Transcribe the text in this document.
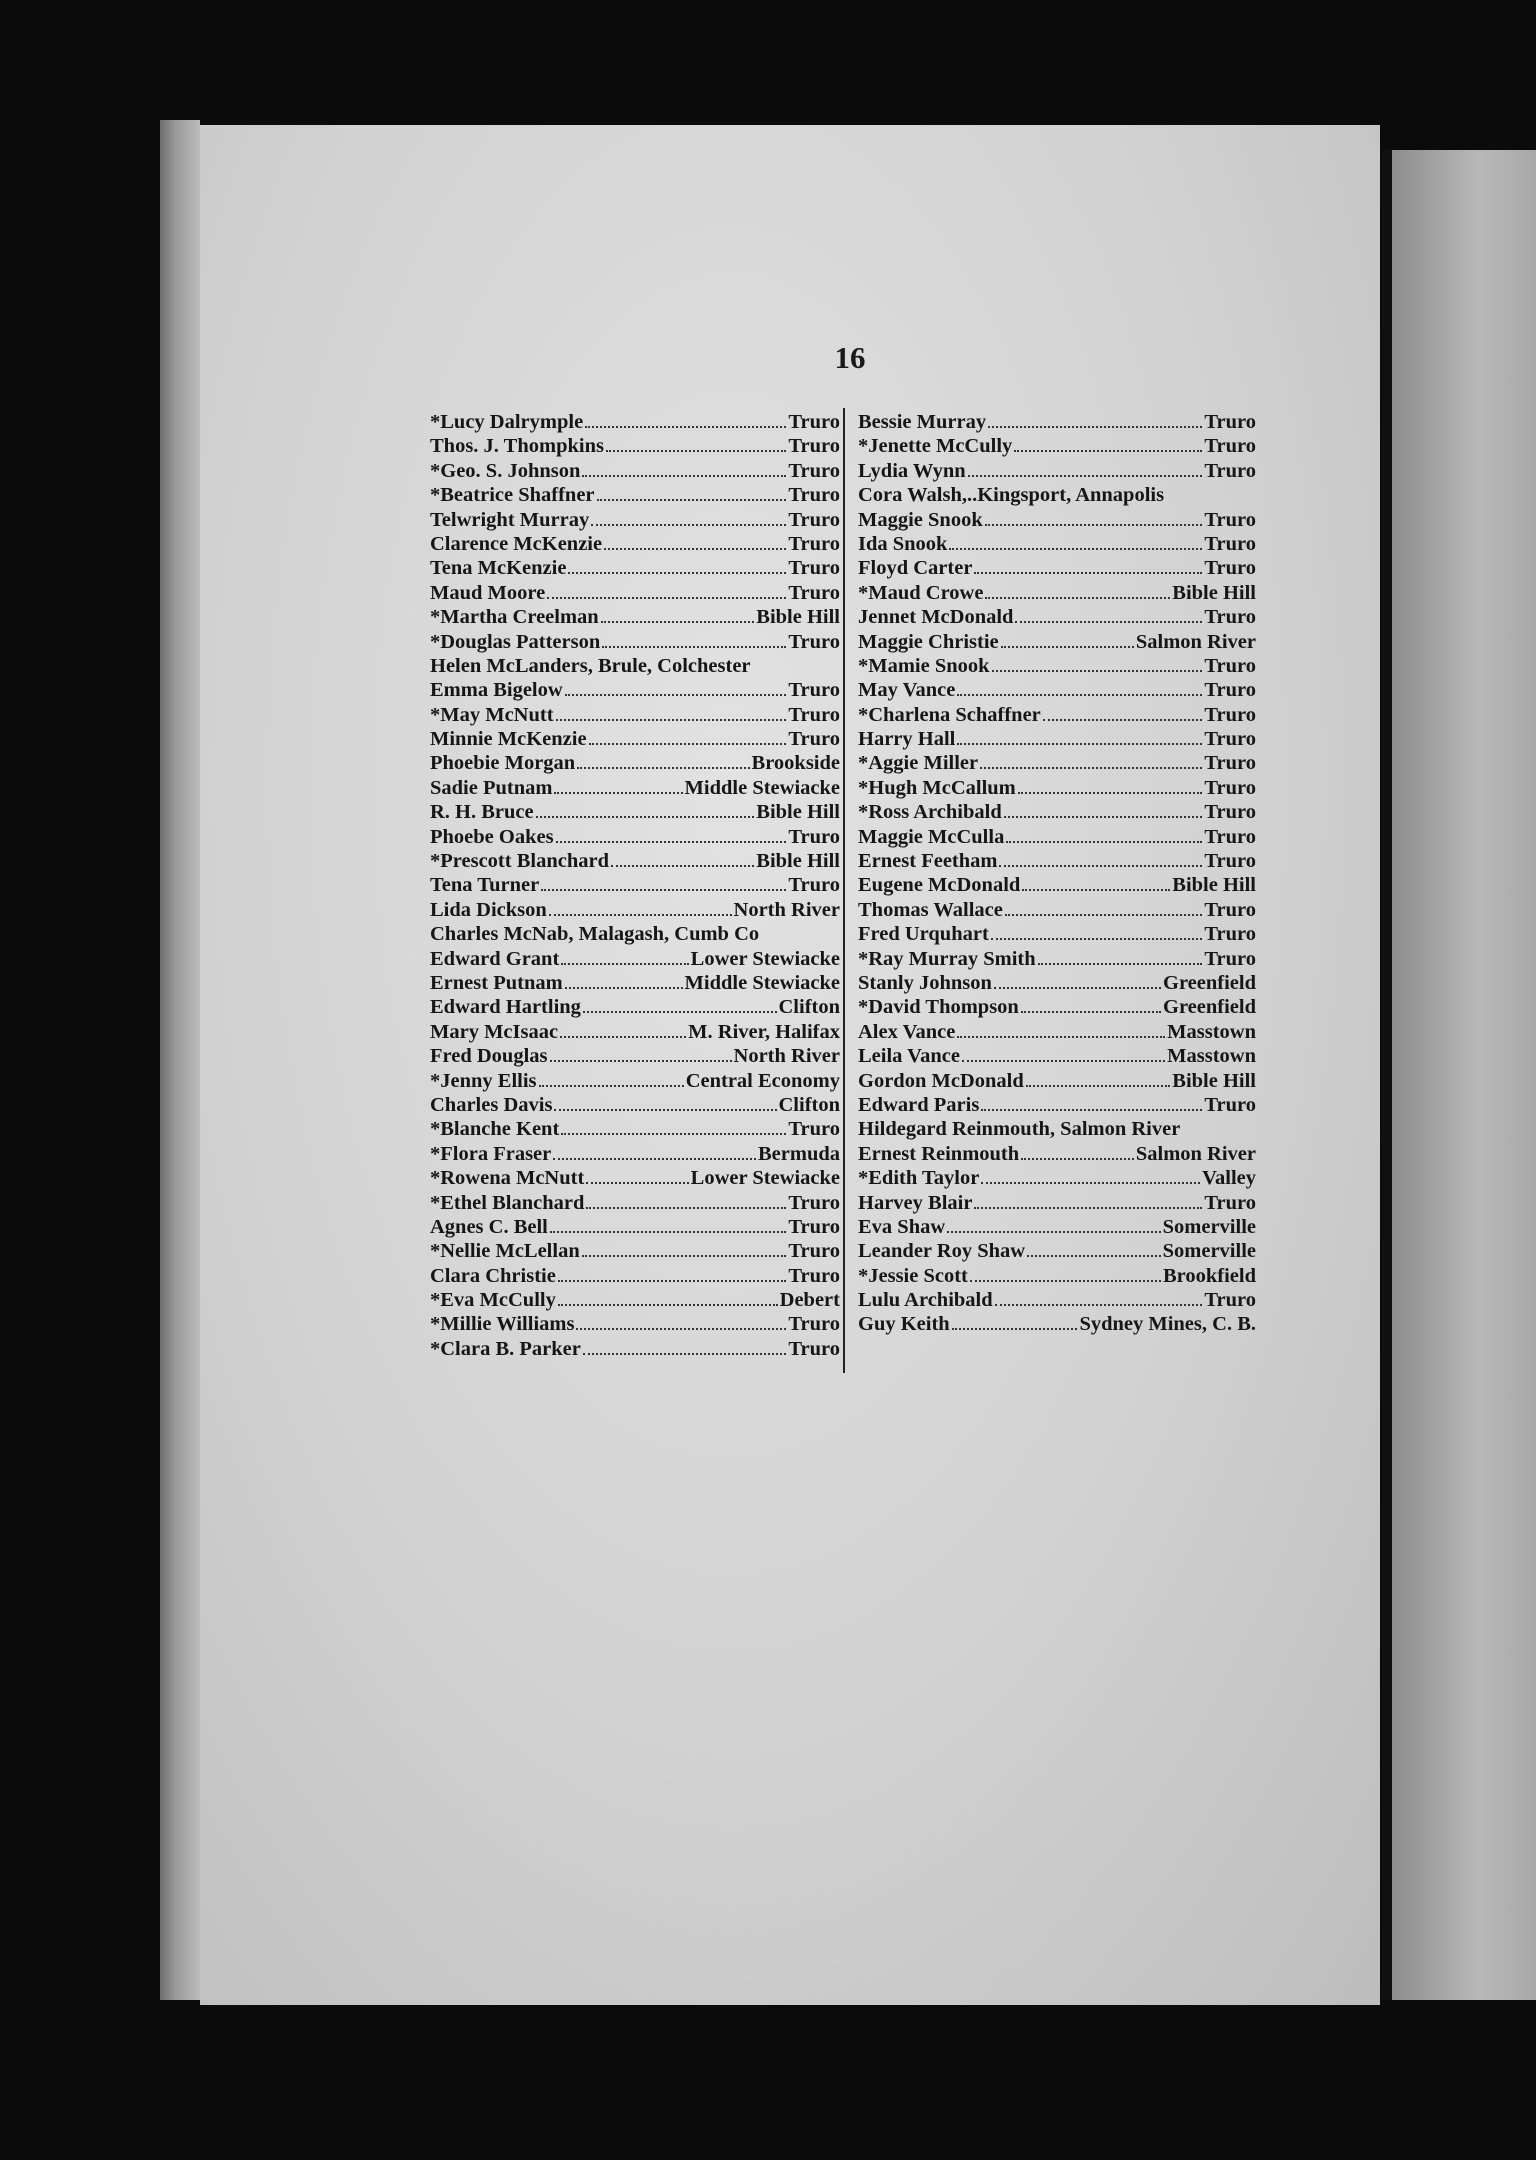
16
*Lucy Dalrymple	Truro
Thos. J. Thompkins	Truro
*Geo. S. Johnson	Truro
*Beatrice Shaffner	Truro
Telwright Murray	Truro
Clarence McKenzie	Truro
Tena McKenzie	Truro
Maud Moore	Truro
*Martha Creelman	Bible Hill
*Douglas Patterson	Truro
Helen McLanders, Brule, Colchester
Emma Bigelow	Truro
*May McNutt	Truro
Minnie McKenzie	Truro
Phoebie Morgan	Brookside
Sadie Putnam	Middle Stewiacke
R. H. Bruce	Bible Hill
Phoebe Oakes	Truro
*Prescott Blanchard	Bible Hill
Tena Turner	Truro
Lida Dickson	North River
Charles McNab, Malagash, Cumb Co
Edward Grant	Lower Stewiacke
Ernest Putnam	Middle Stewiacke
Edward Hartling	Clifton
Mary McIsaac	M. River, Halifax
Fred Douglas	North River
*Jenny Ellis	Central Economy
Charles Davis	Clifton
*Blanche Kent	Truro
*Flora Fraser	Bermuda
*Rowena McNutt	Lower Stewiacke
*Ethel Blanchard	Truro
Agnes C. Bell	Truro
*Nellie McLellan	Truro
Clara Christie	Truro
*Eva McCully	Debert
*Millie Williams	Truro
*Clara B. Parker	Truro
Bessie Murray	Truro
*Jenette McCully	Truro
Lydia Wynn	Truro
Cora Walsh,..Kingsport, Annapolis
Maggie Snook	Truro
Ida Snook	Truro
Floyd Carter	Truro
*Maud Crowe	Bible Hill
Jennet McDonald	Truro
Maggie Christie	Salmon River
*Mamie Snook	Truro
May Vance	Truro
*Charlena Schaffner	Truro
Harry Hall	Truro
*Aggie Miller	Truro
*Hugh McCallum	Truro
*Ross Archibald	Truro
Maggie McCulla	Truro
Ernest Feetham	Truro
Eugene McDonald	Bible Hill
Thomas Wallace	Truro
Fred Urquhart	Truro
*Ray Murray Smith	Truro
Stanly Johnson	Greenfield
*David Thompson	Greenfield
Alex Vance	Masstown
Leila Vance	Masstown
Gordon McDonald	Bible Hill
Edward Paris	Truro
Hildegard Reinmouth, Salmon River
Ernest Reinmouth	Salmon River
*Edith Taylor	Valley
Harvey Blair	Truro
Eva Shaw	Somerville
Leander Roy Shaw	Somerville
*Jessie Scott	Brookfield
Lulu Archibald	Truro
Guy Keith	Sydney Mines, C. B.
